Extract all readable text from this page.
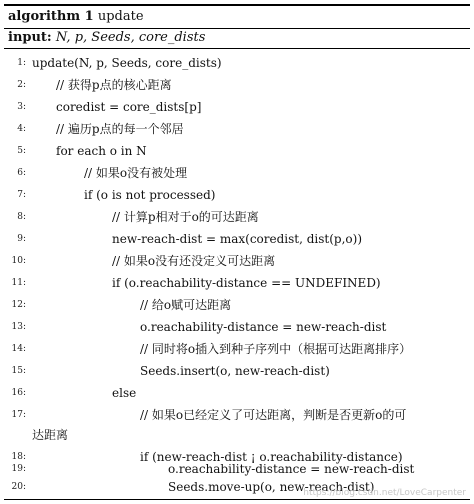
algorithm 1 update
input: N, p, Seeds, core_dists
1: update(N, p, Seeds, core_dists)
2:	// 获得p点的核心距离
3:	coredist = core_dists[p]
4:	// 遍历p点的每一个邻居
5:	for each o in N
6:	// 如果o没有被处理
7:	if (o is not processed)
8:	// 计算p相对于o的可达距离
9:	new-reach-dist = max(coredist, dist(p,o))
10:	// 如果o没有还没定义可达距离
11:	if (o.reachability-distance == UNDEFINED)
12:	// 给o赋可达距离
13:	o.reachability-distance = new-reach-dist
14:	// 同时将o插入到种子序列中（根据可达距离排序）
15:	Seeds.insert(o, new-reach-dist)
16:	else
17:	// 如果o已经定义了可达距离，判断是否更新o的可
达距离
18:	if (new-reach-dist ¡ o.reachability-distance)
19:	o.reachability-distance = new-reach-dist
20:	Seeds.move-up(o, new-reach-dist)
https://blog.csdn.net/LoveCarpenter
